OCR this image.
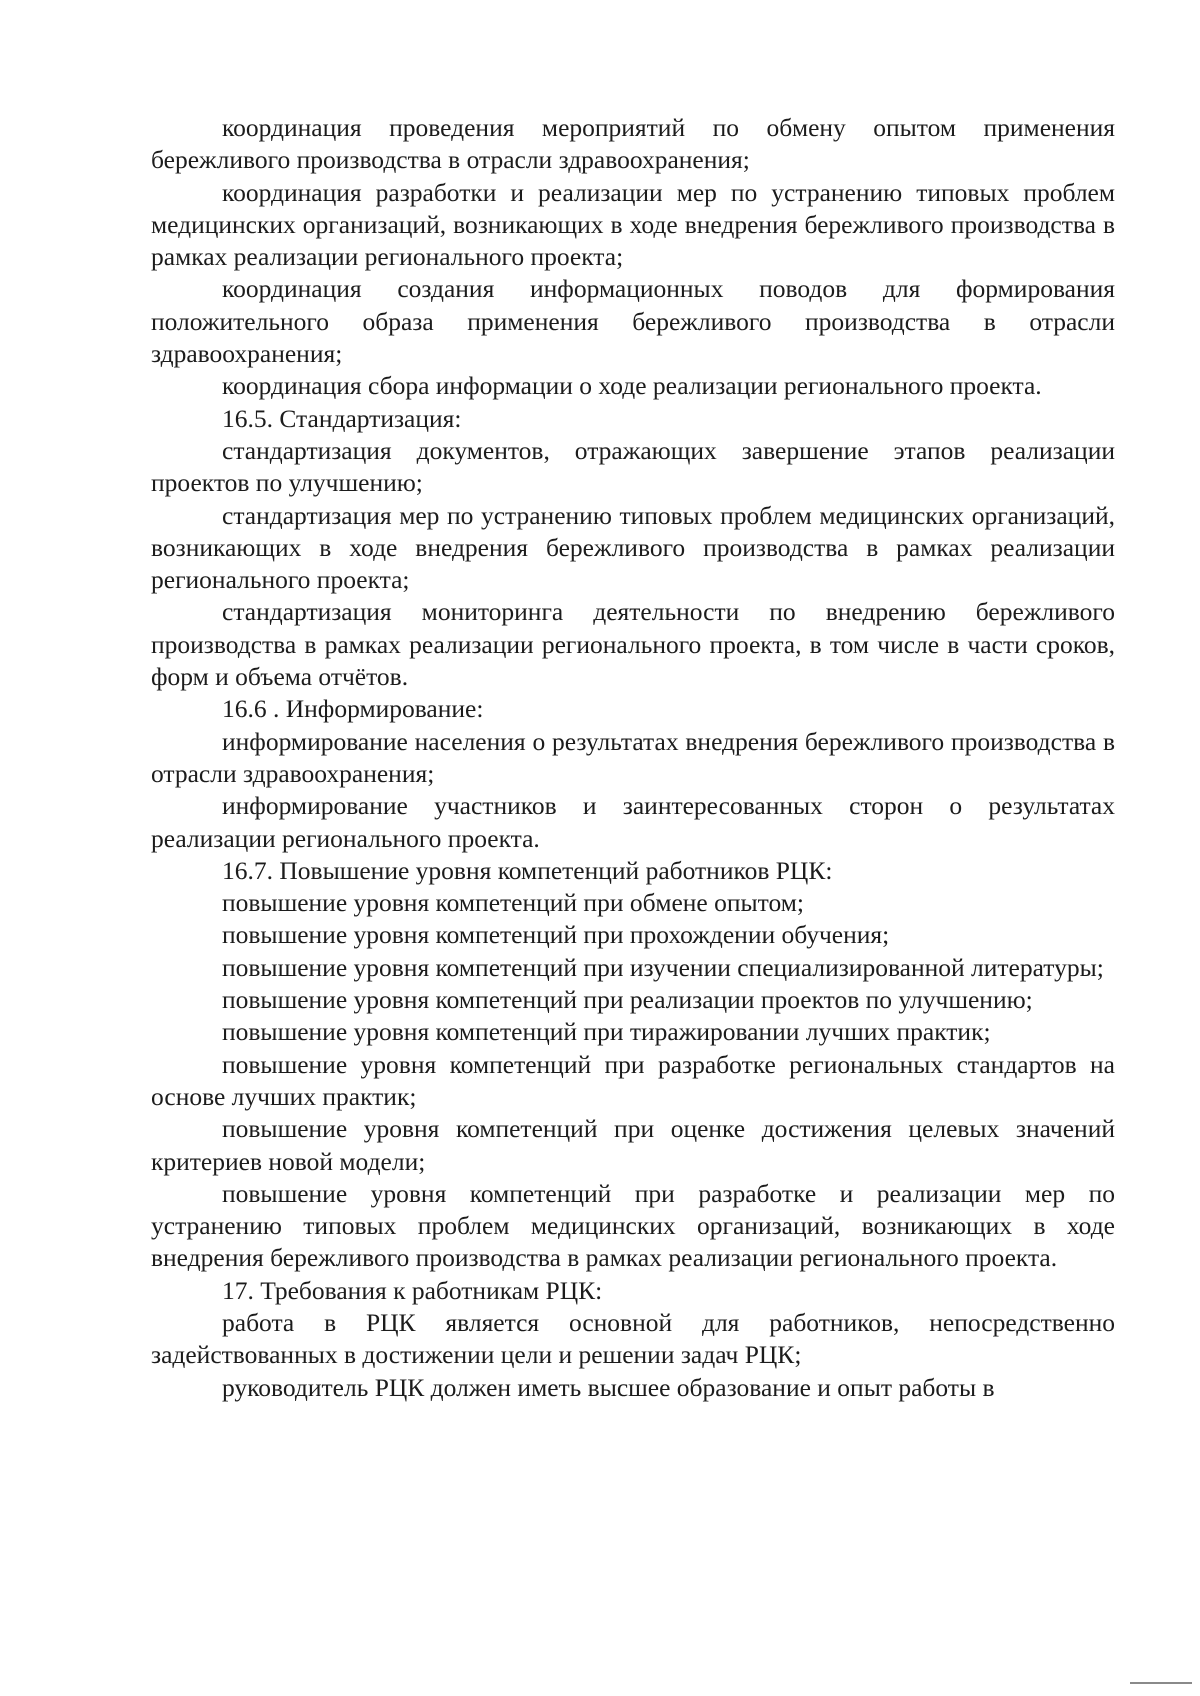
координация проведения мероприятий по обмену опытом применения бережливого производства в отрасли здравоохранения;

координация разработки и реализации мер по устранению типовых проблем медицинских организаций, возникающих в ходе внедрения бережливого производства в рамках реализации регионального проекта;

координация создания информационных поводов для формирования положительного образа применения бережливого производства в отрасли здравоохранения;

координация сбора информации о ходе реализации регионального проекта.

16.5. Стандартизация:

стандартизация документов, отражающих завершение этапов реализации проектов по улучшению;

стандартизация мер по устранению типовых проблем медицинских организаций, возникающих в ходе внедрения бережливого производства в рамках реализации регионального проекта;

стандартизация мониторинга деятельности по внедрению бережливого производства в рамках реализации регионального проекта, в том числе в части сроков, форм и объема отчётов.

16.6 . Информирование:

информирование населения о результатах внедрения бережливого производства в отрасли здравоохранения;

информирование участников и заинтересованных сторон о результатах реализации регионального проекта.

16.7. Повышение уровня компетенций работников РЦК:

повышение уровня компетенций при обмене опытом;

повышение уровня компетенций при прохождении обучения;

повышение уровня компетенций при изучении специализированной литературы;

повышение уровня компетенций при реализации проектов по улучшению;

повышение уровня компетенций при тиражировании лучших практик;

повышение уровня компетенций при разработке региональных стандартов на основе лучших практик;

повышение уровня компетенций при оценке достижения целевых значений критериев новой модели;

повышение уровня компетенций при разработке и реализации мер по устранению типовых проблем медицинских организаций, возникающих в ходе внедрения бережливого производства в рамках реализации регионального проекта.

17. Требования к работникам РЦК:

работа в РЦК является основной для работников, непосредственно задействованных в достижении цели и решении задач РЦК;

руководитель РЦК должен иметь высшее образование и опыт работы в
